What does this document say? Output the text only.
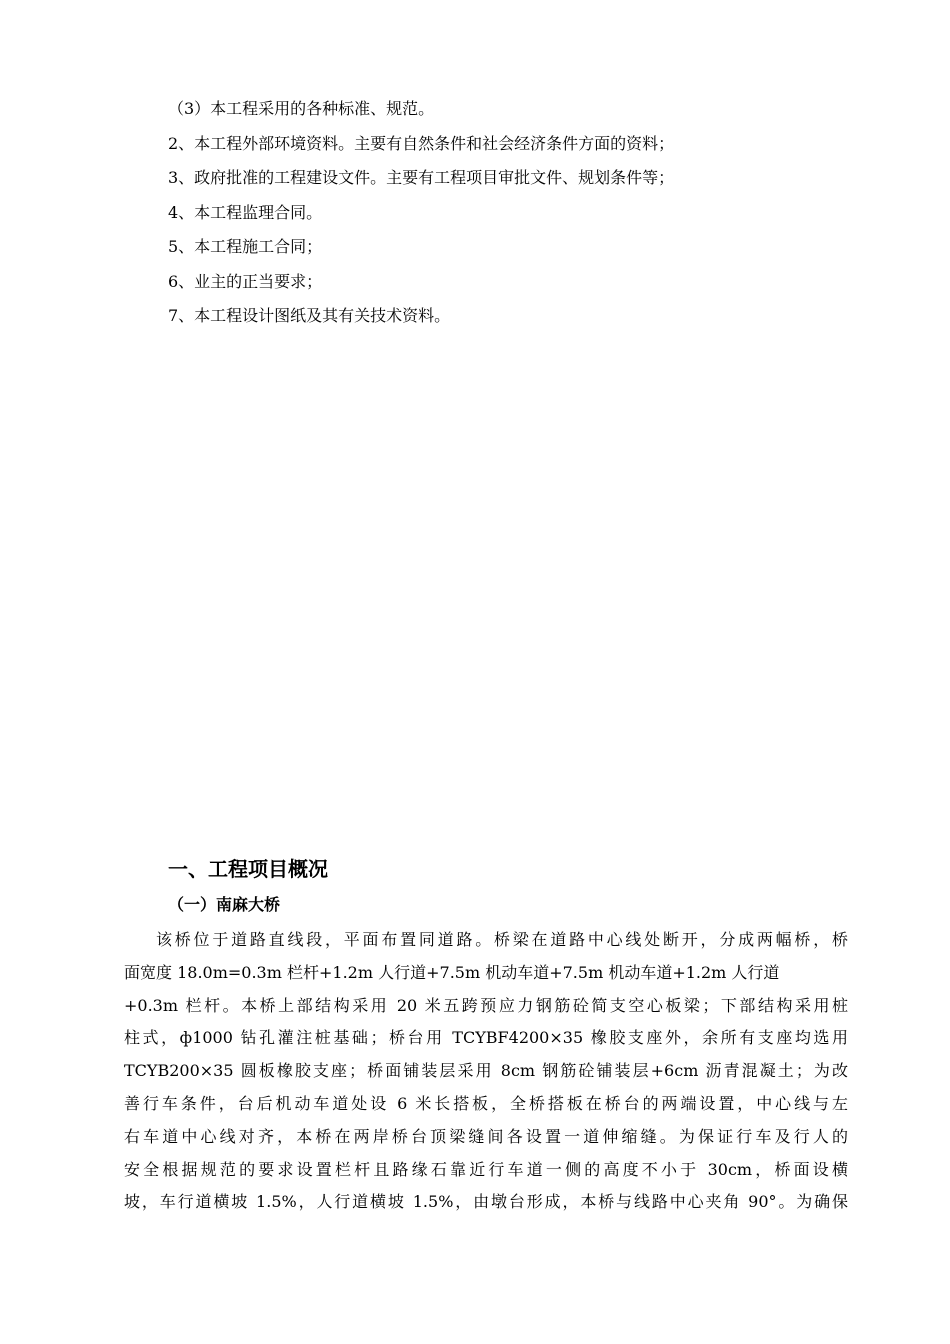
（3）本工程采用的各种标准、规范。
2、本工程外部环境资料。主要有自然条件和社会经济条件方面的资料；
3、政府批准的工程建设文件。主要有工程项目审批文件、规划条件等；
4、本工程监理合同。
5、本工程施工合同；
6、业主的正当要求；
7、本工程设计图纸及其有关技术资料。
一、工程项目概况
（一）南麻大桥
该桥位于道路直线段，平面布置同道路。桥梁在道路中心线处断开，分成两幅桥，桥
面宽度 18.0m=0.3m 栏杆+1.2m 人行道+7.5m 机动车道+7.5m 机动车道+1.2m 人行道
+0.3m 栏杆。本桥上部结构采用 20 米五跨预应力钢筋砼简支空心板梁；下部结构采用桩
柱式，ф1000 钻孔灌注桩基础；桥台用 TCYBF4200×35 橡胶支座外，余所有支座均选用
TCYB200×35 圆板橡胶支座；桥面铺装层采用 8cm 钢筋砼铺装层+6cm 沥青混凝土；为改
善行车条件，台后机动车道处设 6 米长搭板，全桥搭板在桥台的两端设置，中心线与左
右车道中心线对齐，本桥在两岸桥台顶梁缝间各设置一道伸缩缝。为保证行车及行人的
安全根据规范的要求设置栏杆且路缘石靠近行车道一侧的高度不小于 30cm，桥面设横
坡，车行道横坡 1.5%，人行道横坡 1.5%，由墩台形成，本桥与线路中心夹角 90°。为确保
